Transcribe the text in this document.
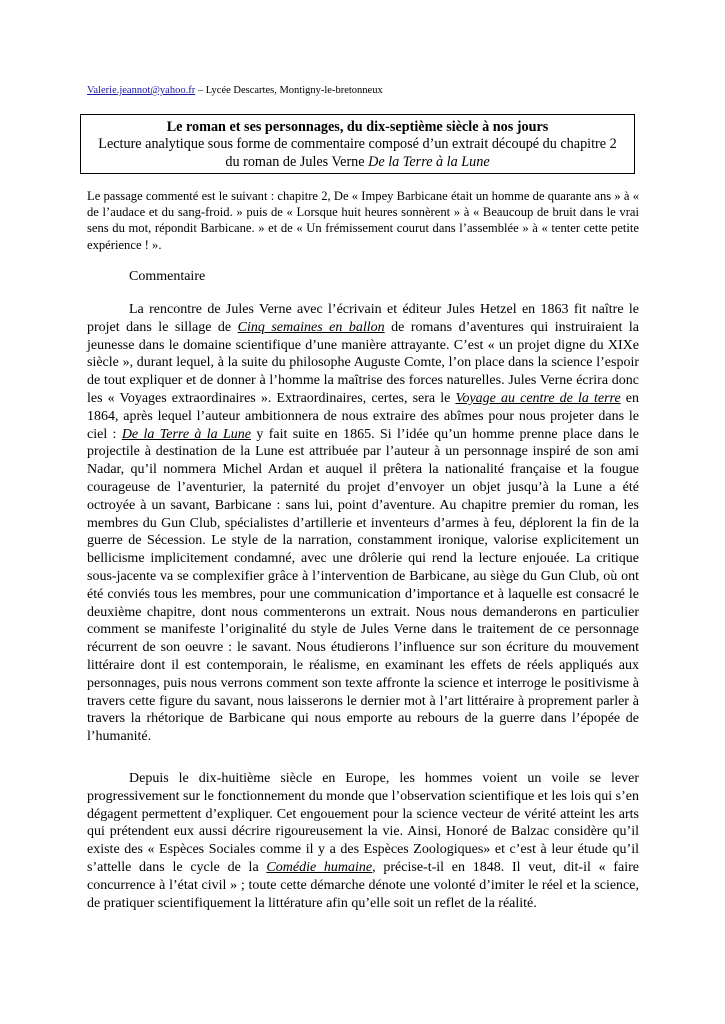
Valerie.jeannot@yahoo.fr – Lycée Descartes, Montigny-le-bretonneux
Le roman et ses personnages, du dix-septième siècle à nos jours
Lecture analytique sous forme de commentaire composé d’un extrait découpé du chapitre 2
du roman de Jules Verne De la Terre à la Lune
Le passage commenté est le suivant : chapitre 2, De « Impey Barbicane était un homme de quarante ans » à « de l’audace et du sang-froid. » puis de « Lorsque huit heures sonnèrent » à « Beaucoup de bruit dans le vrai sens du mot, répondit Barbicane. » et de « Un frémissement courut dans l’assemblée » à « tenter cette petite expérience ! ».
Commentaire
La rencontre de Jules Verne avec l’écrivain et éditeur Jules Hetzel en 1863 fit naître le projet dans le sillage de Cinq semaines en ballon de romans d’aventures qui instruiraient la jeunesse dans le domaine scientifique d’une manière attrayante. C’est « un projet digne du XIXe siècle », durant lequel, à la suite du philosophe Auguste Comte, l’on place dans la science l’espoir de tout expliquer et de donner à l’homme la maîtrise des forces naturelles. Jules Verne écrira donc les « Voyages extraordinaires ». Extraordinaires, certes, sera le Voyage au centre de la terre en 1864, après lequel l’auteur ambitionnera de nous extraire des abîmes pour nous projeter dans le ciel : De la Terre à la Lune y fait suite en 1865. Si l’idée qu’un homme prenne place dans le projectile à destination de la Lune est attribuée par l’auteur à un personnage inspiré de son ami Nadar, qu’il nommera Michel Ardan et auquel il prêtera la nationalité française et la fougue courageuse de l’aventurier, la paternité du projet d’envoyer un objet jusqu’à la Lune a été octroyée à un savant, Barbicane : sans lui, point d’aventure. Au chapitre premier du roman, les membres du Gun Club, spécialistes d’artillerie et inventeurs d’armes à feu, déplorent la fin de la guerre de Sécession. Le style de la narration, constamment ironique, valorise explicitement un bellicisme implicitement condamné, avec une drôlerie qui rend la lecture enjouée. La critique sous-jacente va se complexifier grâce à l’intervention de Barbicane, au siège du Gun Club, où ont été conviés tous les membres, pour une communication d’importance et à laquelle est consacré le deuxième chapitre, dont nous commenterons un extrait. Nous nous demanderons en particulier comment se manifeste l’originalité du style de Jules Verne dans le traitement de ce personnage récurrent de son oeuvre : le savant. Nous étudierons l’influence sur son écriture du mouvement littéraire dont il est contemporain, le réalisme, en examinant les effets de réels appliqués aux personnages, puis nous verrons comment son texte affronte la science et interroge le positivisme à travers cette figure du savant, nous laisserons le dernier mot à l’art littéraire à proprement parler à travers la rhétorique de Barbicane qui nous emporte au rebours de la guerre dans l’épopée de l’humanité.
Depuis le dix-huitième siècle en Europe, les hommes voient un voile se lever progressivement sur le fonctionnement du monde que l’observation scientifique et les lois qui s’en dégagent permettent d’expliquer. Cet engouement pour la science vecteur de vérité atteint les arts qui prétendent eux aussi décrire rigoureusement la vie. Ainsi, Honoré de Balzac considère qu’il existe des « Espèces Sociales comme il y a des Espèces Zoologiques» et c’est à leur étude qu’il s’attelle dans le cycle de la Comédie humaine, précise-t-il en 1848. Il veut, dit-il « faire concurrence à l’état civil » ; toute cette démarche dénote une volonté d’imiter le réel et la science, de pratiquer scientifiquement la littérature afin qu’elle soit un reflet de la réalité.
